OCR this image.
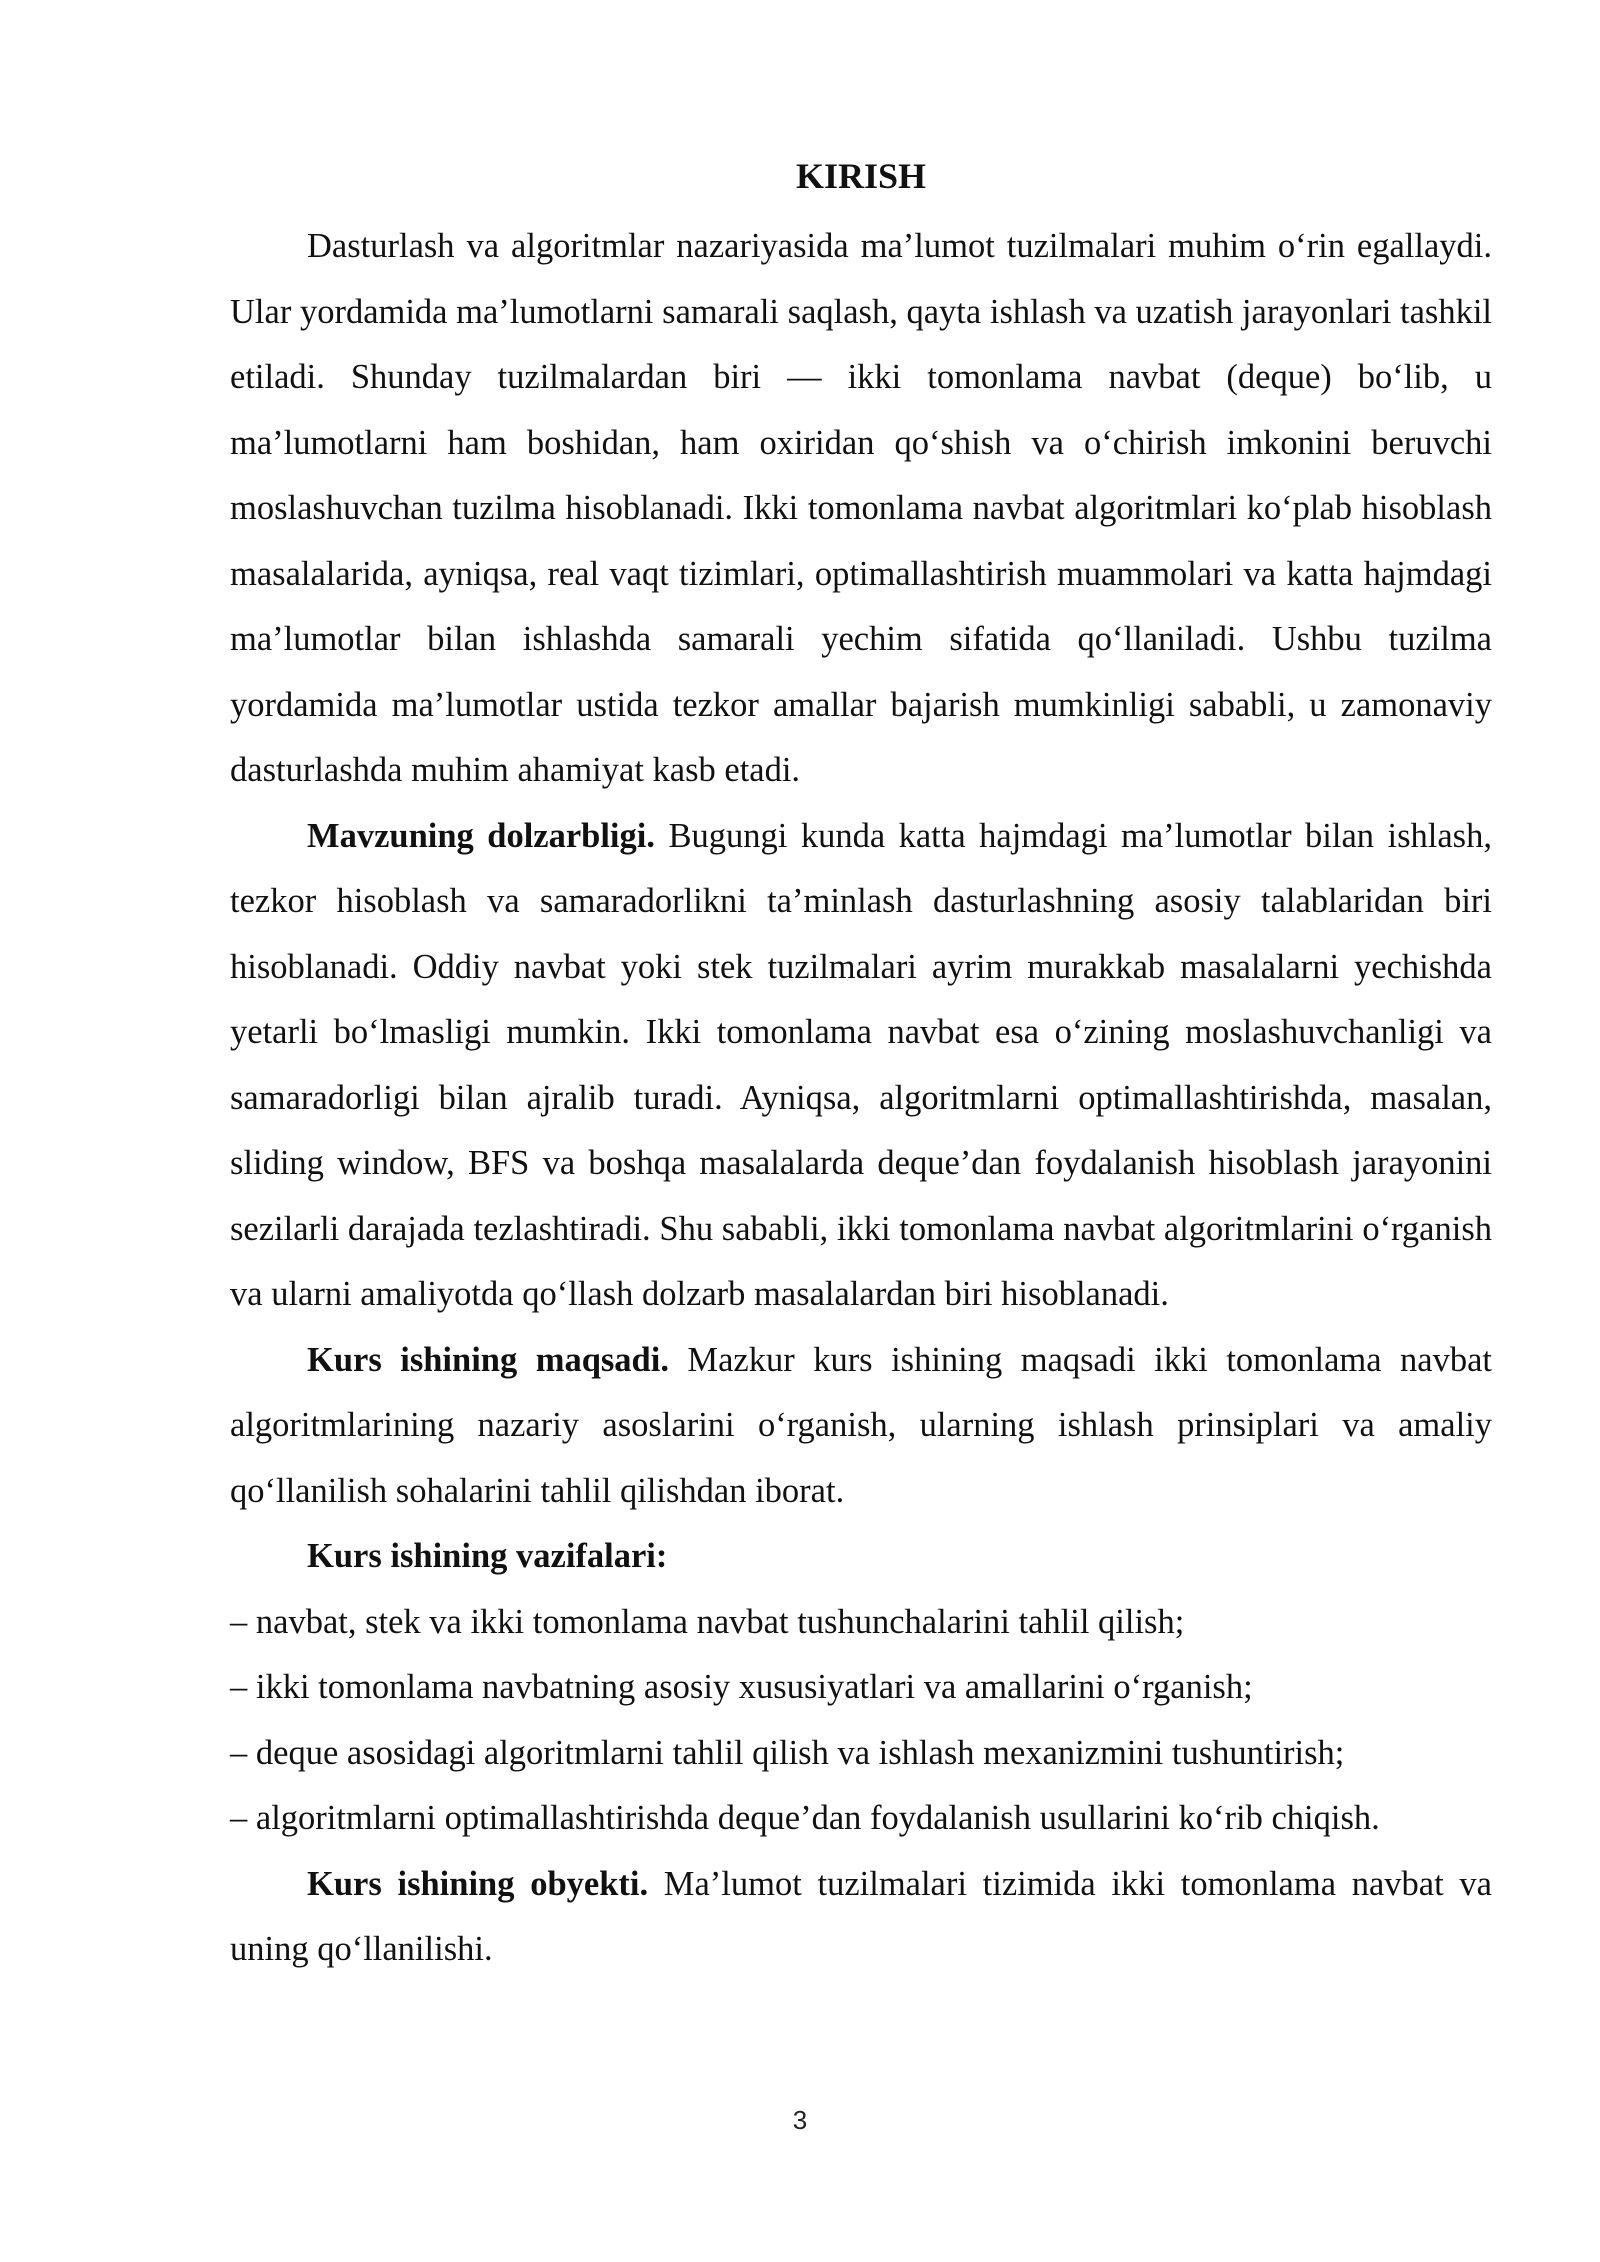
KIRISH

Dasturlash va algoritmlar nazariyasida ma’lumot tuzilmalari muhim o‘rin egallaydi. Ular yordamida ma’lumotlarni samarali saqlash, qayta ishlash va uzatish jarayonlari tashkil etiladi. Shunday tuzilmalardan biri — ikki tomonlama navbat (deque) bo‘lib, u ma’lumotlarni ham boshidan, ham oxiridan qo‘shish va o‘chirish imkonini beruvchi moslashuvchan tuzilma hisoblanadi. Ikki tomonlama navbat algoritmlari ko‘plab hisoblash masalalarida, ayniqsa, real vaqt tizimlari, optimallashtirish muammolari va katta hajmdagi ma’lumotlar bilan ishlashda samarali yechim sifatida qo‘llaniladi. Ushbu tuzilma yordamida ma’lumotlar ustida tezkor amallar bajarish mumkinligi sababli, u zamonaviy dasturlashda muhim ahamiyat kasb etadi.

Mavzuning dolzarbligi. Bugungi kunda katta hajmdagi ma’lumotlar bilan ishlash, tezkor hisoblash va samaradorlikni ta’minlash dasturlashning asosiy talablaridan biri hisoblanadi. Oddiy navbat yoki stek tuzilmalari ayrim murakkab masalalarni yechishda yetarli bo‘lmasligi mumkin. Ikki tomonlama navbat esa o‘zining moslashuvchanligi va samaradorligi bilan ajralib turadi. Ayniqsa, algoritmlarni optimallashtirishda, masalan, sliding window, BFS va boshqa masalalarda deque’dan foydalanish hisoblash jarayonini sezilarli darajada tezlashtiradi. Shu sababli, ikki tomonlama navbat algoritmlarini o‘rganish va ularni amaliyotda qo‘llash dolzarb masalalardan biri hisoblanadi.

Kurs ishining maqsadi. Mazkur kurs ishining maqsadi ikki tomonlama navbat algoritmlarining nazariy asoslarini o‘rganish, ularning ishlash prinsiplari va amaliy qo‘llanilish sohalarini tahlil qilishdan iborat.

Kurs ishining vazifalari:

– navbat, stek va ikki tomonlama navbat tushunchalarini tahlil qilish;
– ikki tomonlama navbatning asosiy xususiyatlari va amallarini o‘rganish;
– deque asosidagi algoritmlarni tahlil qilish va ishlash mexanizmini tushuntirish;
– algoritmlarni optimallashtirishda deque’dan foydalanish usullarini ko‘rib chiqish.

Kurs ishining obyekti. Ma’lumot tuzilmalari tizimida ikki tomonlama navbat va uning qo‘llanilishi.

3
